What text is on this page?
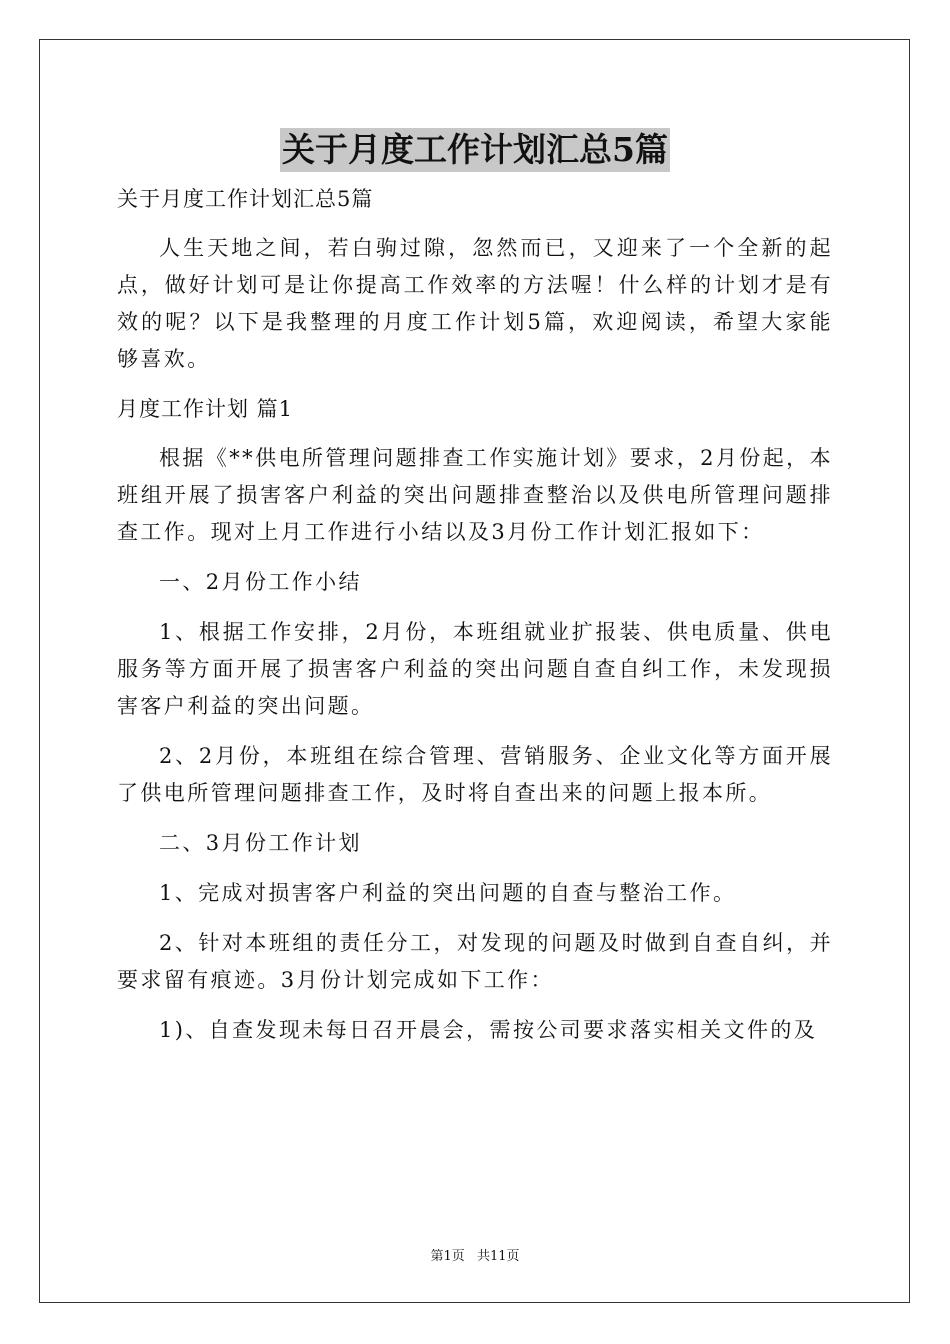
关于月度工作计划汇总5篇

关于月度工作计划汇总5篇

人生天地之间，若白驹过隙，忽然而已，又迎来了一个全新的起点，做好计划可是让你提高工作效率的方法喔！什么样的计划才是有效的呢？以下是我整理的月度工作计划5篇，欢迎阅读，希望大家能够喜欢。

月度工作计划 篇1

根据《**供电所管理问题排查工作实施计划》要求，2月份起，本班组开展了损害客户利益的突出问题排查整治以及供电所管理问题排查工作。现对上月工作进行小结以及3月份工作计划汇报如下：

一、2月份工作小结

1、根据工作安排，2月份，本班组就业扩报装、供电质量、供电服务等方面开展了损害客户利益的突出问题自查自纠工作，未发现损害客户利益的突出问题。

2、2月份，本班组在综合管理、营销服务、企业文化等方面开展了供电所管理问题排查工作，及时将自查出来的问题上报本所。

二、3月份工作计划

1、完成对损害客户利益的突出问题的自查与整治工作。

2、针对本班组的责任分工，对发现的问题及时做到自查自纠，并要求留有痕迹。3月份计划完成如下工作：

1)、自查发现未每日召开晨会，需按公司要求落实相关文件的及

第1页 共11页
